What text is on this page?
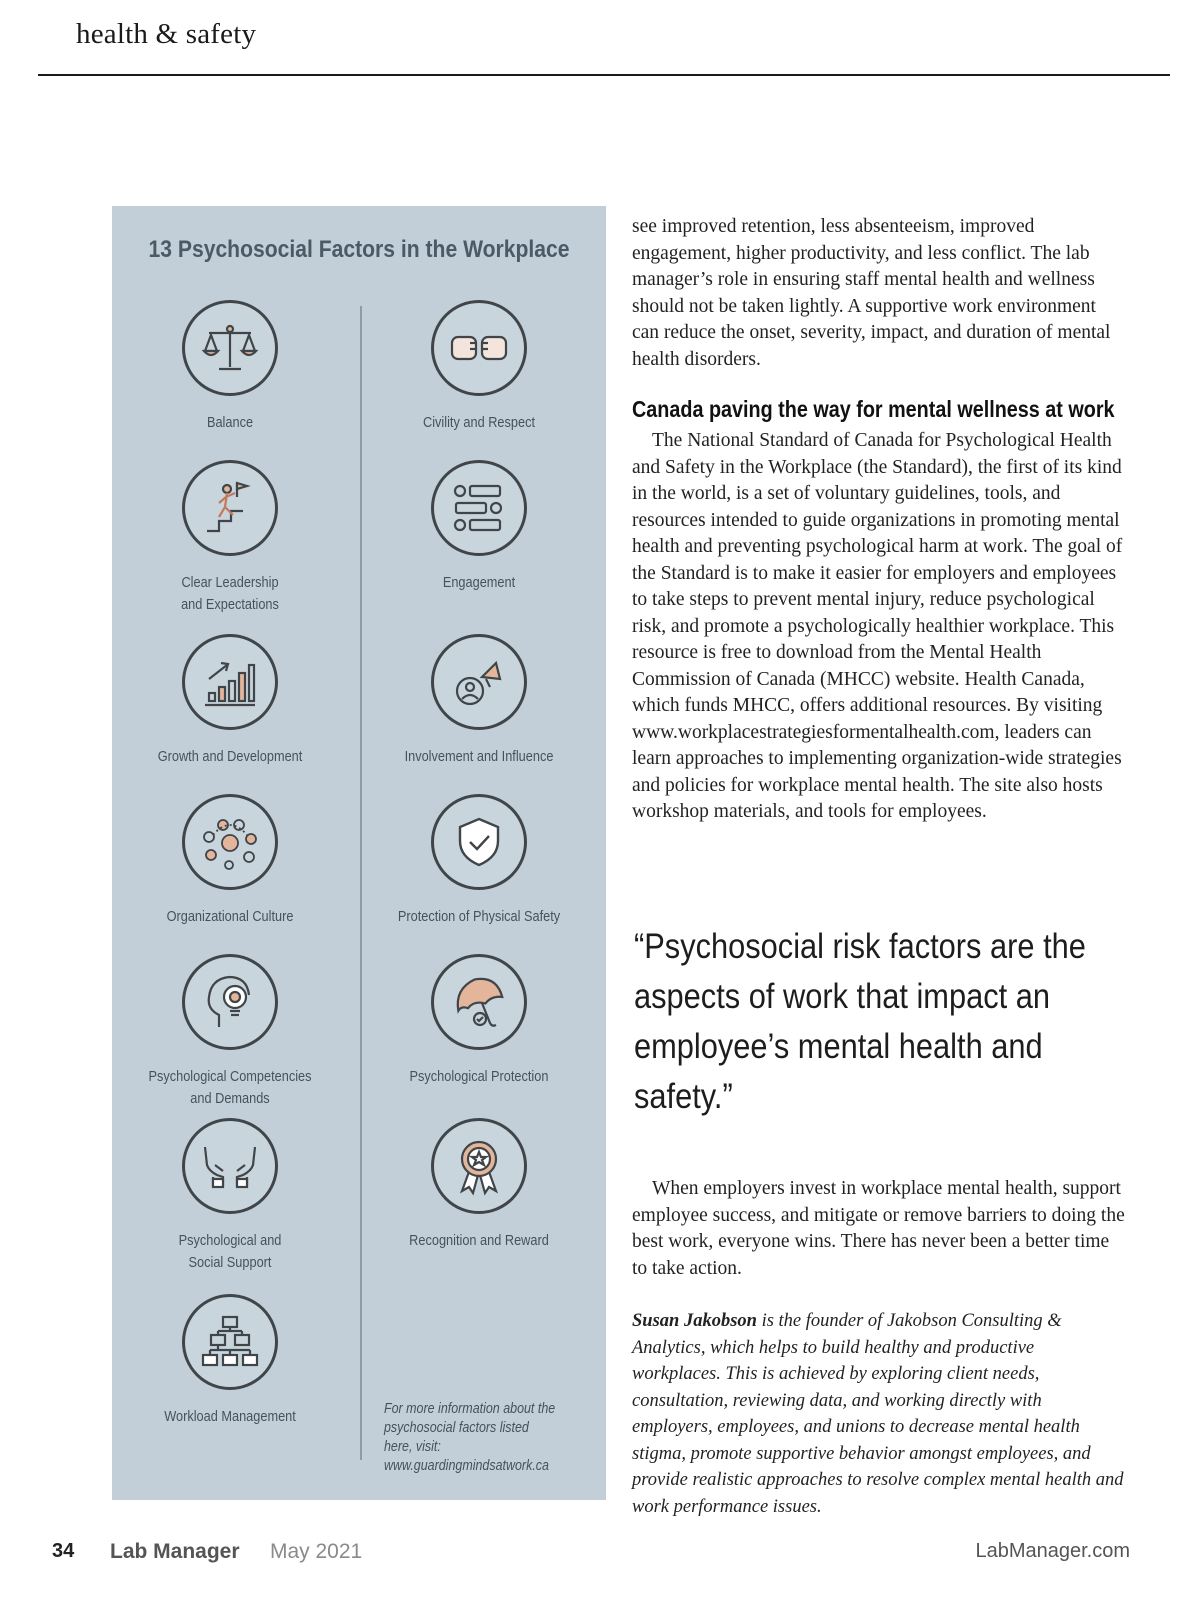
health & safety
13 Psychosocial Factors in the Workplace
Balance	Civility and Respect
Clear Leadership
and Expectations
Engagement
Growth and Development	Involvement and Influence
Organizational Culture	Protection of Physical Safety
Psychological Competencies
and Demands
Psychological Protection
Psychological and
Social Support
Recognition and Reward
Workload Management	For more information about the psychosocial factors listed here, visit: www.guardingmindsatwork.ca

see improved retention, less absenteeism, improved engagement, higher productivity, and less conflict. The lab manager’s role in ensuring staff mental health and wellness should not be taken lightly. A supportive work environment can reduce the onset, severity, impact, and duration of mental health disorders.

Canada paving the way for mental wellness at work

The National Standard of Canada for Psychological Health and Safety in the Workplace (the Standard), the first of its kind in the world, is a set of voluntary guidelines, tools, and resources intended to guide organizations in promoting mental health and preventing psychological harm at work. The goal of the Standard is to make it easier for employers and employees to take steps to prevent mental injury, reduce psychological risk, and promote a psychologically healthier workplace. This resource is free to download from the Mental Health Commission of Canada (MHCC) website. Health Canada, which funds MHCC, offers additional resources. By visiting www.workplacestrategiesformentalhealth.com, leaders can learn approaches to implementing organization-wide strategies and policies for workplace mental health. The site also hosts workshop materials, and tools for employees.

“Psychosocial risk factors are the aspects of work that impact an employee’s mental health and safety.”

When employers invest in workplace mental health, support employee success, and mitigate or remove barriers to doing the best work, everyone wins. There has never been a better time to take action.

Susan Jakobson is the founder of Jakobson Consulting & Analytics, which helps to build healthy and productive workplaces. This is achieved by exploring client needs, consultation, reviewing data, and working directly with employers, employees, and unions to decrease mental health stigma, promote supportive behavior amongst employees, and provide realistic approaches to resolve complex mental health and work performance issues.
34 Lab Manager May 2021	LabManager.com
